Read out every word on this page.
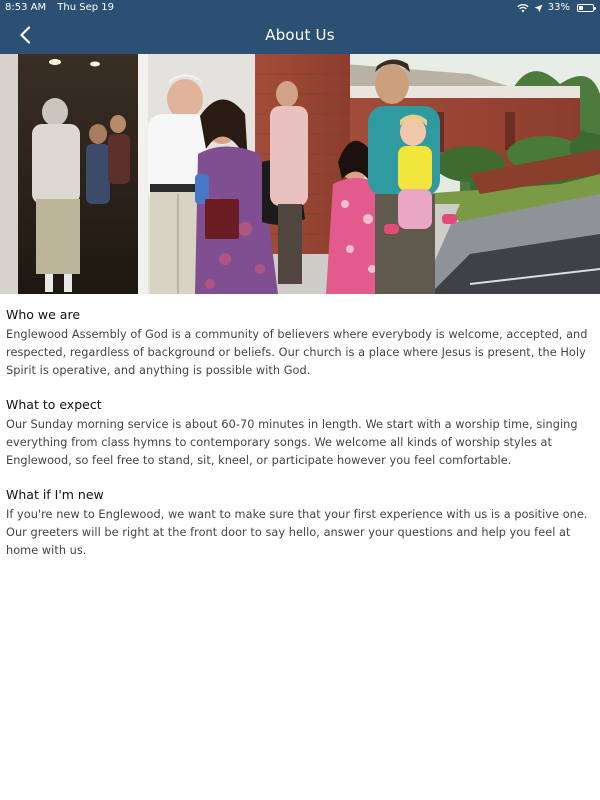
8:53 AM Thu Sep 19	33%
About Us
Who we are

Englewood Assembly of God is a community of believers where everybody is welcome, accepted, and respected, regardless of background or beliefs. Our church is a place where Jesus is present, the Holy Spirit is operative, and anything is possible with God.

What to expect

Our Sunday morning service is about 60-70 minutes in length. We start with a worship time, singing everything from class hymns to contemporary songs. We welcome all kinds of worship styles at Englewood, so feel free to stand, sit, kneel, or participate however you feel comfortable.

What if I'm new

If you're new to Englewood, we want to make sure that your first experience with us is a positive one. Our greeters will be right at the front door to say hello, answer your questions and help you feel at home with us.
